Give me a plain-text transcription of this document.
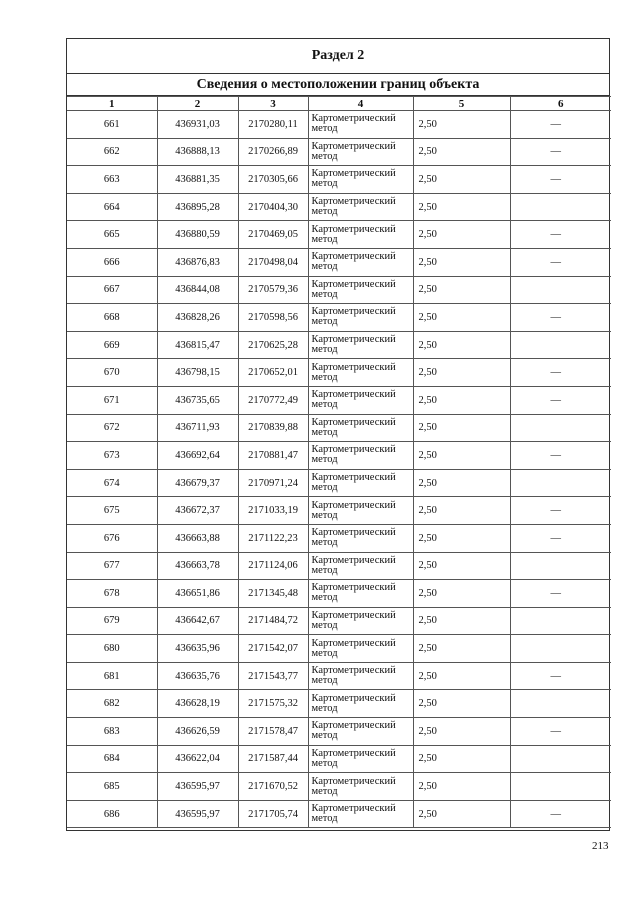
Раздел 2
Сведения о местоположении границ объекта
1	2	3	4	5	6
661	436931,03	2170280,11	Картометрический метод	2,50	—
662	436888,13	2170266,89	Картометрический метод	2,50	—
663	436881,35	2170305,66	Картометрический метод	2,50	—
664	436895,28	2170404,30	Картометрический метод	2,50	
665	436880,59	2170469,05	Картометрический метод	2,50	—
666	436876,83	2170498,04	Картометрический метод	2,50	—
667	436844,08	2170579,36	Картометрический метод	2,50	
668	436828,26	2170598,56	Картометрический метод	2,50	—
669	436815,47	2170625,28	Картометрический метод	2,50	
670	436798,15	2170652,01	Картометрический метод	2,50	—
671	436735,65	2170772,49	Картометрический метод	2,50	—
672	436711,93	2170839,88	Картометрический метод	2,50	
673	436692,64	2170881,47	Картометрический метод	2,50	—
674	436679,37	2170971,24	Картометрический метод	2,50	
675	436672,37	2171033,19	Картометрический метод	2,50	—
676	436663,88	2171122,23	Картометрический метод	2,50	—
677	436663,78	2171124,06	Картометрический метод	2,50	
678	436651,86	2171345,48	Картометрический метод	2,50	—
679	436642,67	2171484,72	Картометрический метод	2,50	
680	436635,96	2171542,07	Картометрический метод	2,50	
681	436635,76	2171543,77	Картометрический метод	2,50	—
682	436628,19	2171575,32	Картометрический метод	2,50	
683	436626,59	2171578,47	Картометрический метод	2,50	—
684	436622,04	2171587,44	Картометрический метод	2,50	
685	436595,97	2171670,52	Картометрический метод	2,50	
686	436595,97	2171705,74	Картометрический метод	2,50	—
213
